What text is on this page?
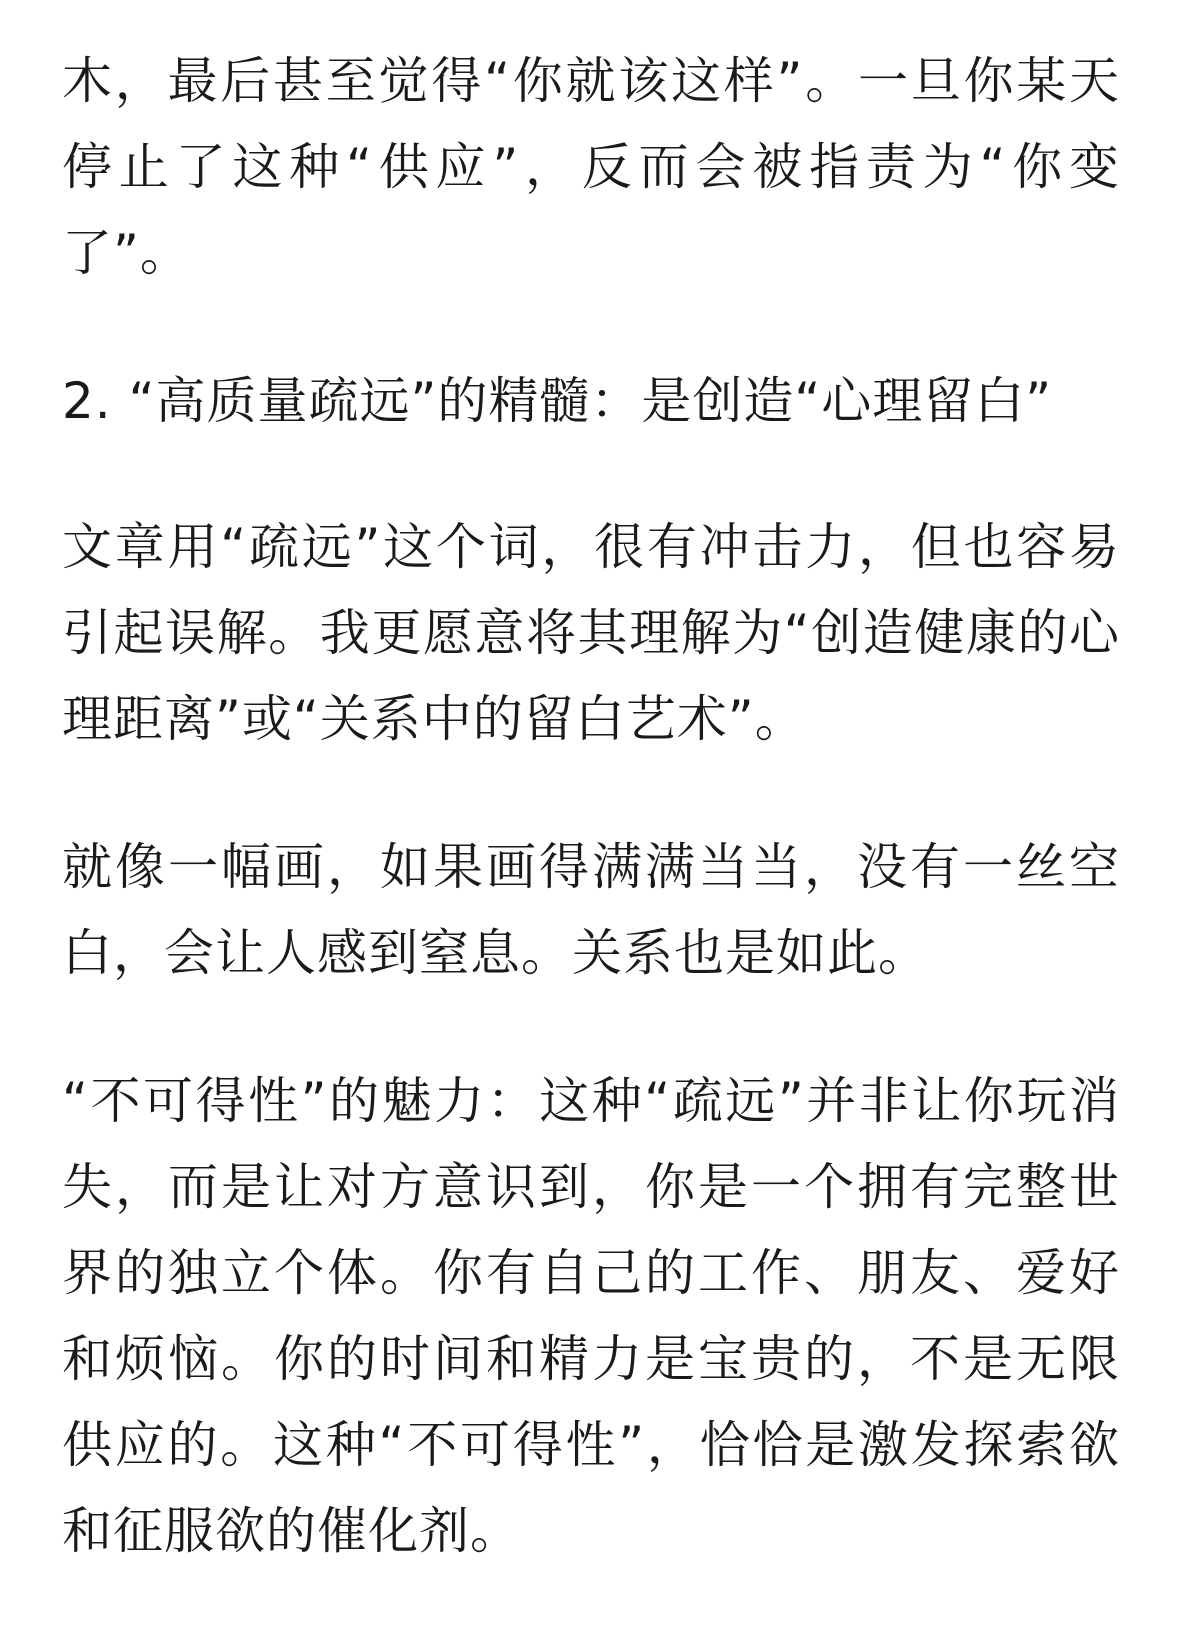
木，最后甚至觉得“你就该这样”。一旦你某天停止了这种“供应”，反而会被指责为“你变了”。

2. “高质量疏远”的精髓：是创造“心理留白”

文章用“疏远”这个词，很有冲击力，但也容易引起误解。我更愿意将其理解为“创造健康的心理距离”或“关系中的留白艺术”。

就像一幅画，如果画得满满当当，没有一丝空白，会让人感到窒息。关系也是如此。

“不可得性”的魅力：这种“疏远”并非让你玩消失，而是让对方意识到，你是一个拥有完整世界的独立个体。你有自己的工作、朋友、爱好和烦恼。你的时间和精力是宝贵的，不是无限供应的。这种“不可得性”，恰恰是激发探索欲和征服欲的催化剂。
